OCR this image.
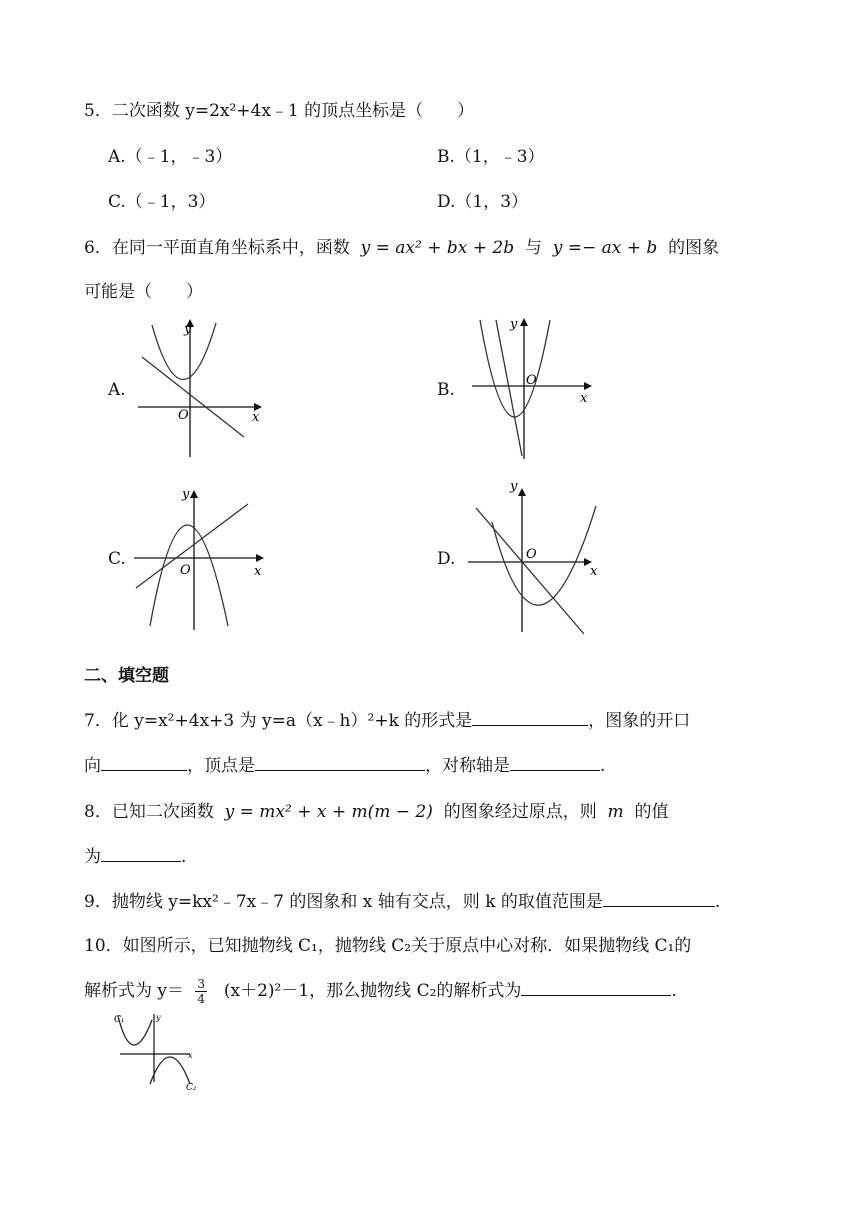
5．二次函数 y=2x²+4x﹣1 的顶点坐标是（　　）
A.（﹣1，﹣3）	B.（1，﹣3）
C.（﹣1，3）	D.（1，3）
6．在同一平面直角坐标系中，函数 y = ax² + bx + 2b 与 y =− ax + b 的图象
可能是（　　）
A.	B.
C.	D.
y
x
O
y
x
O
y
x
O
y
x
O
二、填空题
7．化 y=x²+4x+3 为 y=a（x﹣h）²+k 的形式是	，图象的开口
向	，顶点是	，对称轴是	.
8．已知二次函数 y = mx² + x + m(m − 2) 的图象经过原点，则 m 的值
为	.
9．抛物线 y=kx²﹣7x﹣7 的图象和 x 轴有交点，则 k 的取值范围是	.
10．如图所示，已知抛物线 C₁，抛物线 C₂关于原点中心对称．如果抛物线 C₁的
解析式为 $y= \frac{3}{4} (x+2)^2-1$，那么抛物线 C₂的解析式为	.
C₁
C₂
x
y
